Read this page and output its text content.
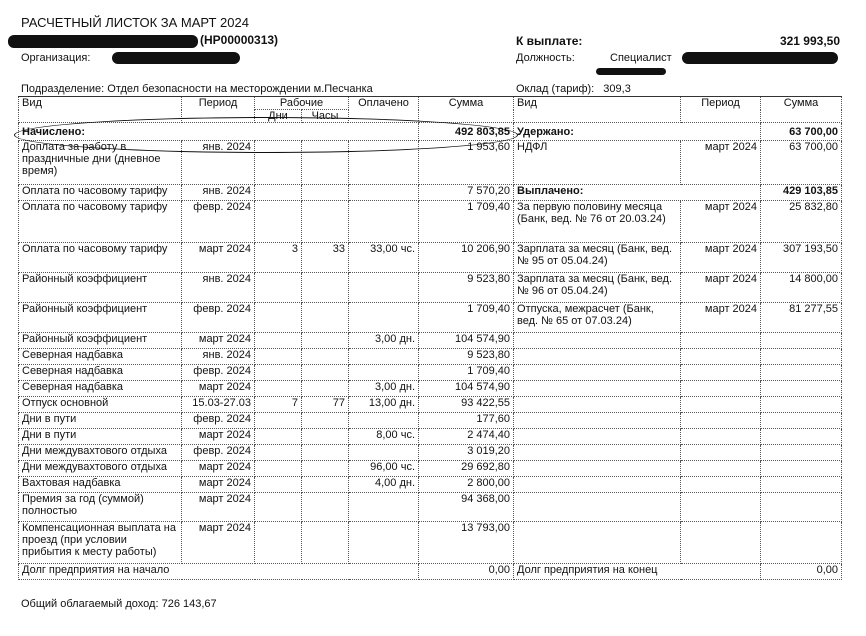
РАСЧЕТНЫЙ ЛИСТОК ЗА МАРТ 2024
(НР00000313)
Организация:
К выплате:	321 993,50
Должность:	Специалист
Подразделение: Отдел безопасности на месторождении м.Песчанка	Оклад (тариф): 309,3
Вид	Период	Рабочие		Оплачено	Сумма	Вид	Период	Сумма
		Дни	Часы					
Начислено:					492 803,85	Удержано:		63 700,00
Доплата за работу в праздничные дни (дневное время)	янв. 2024				1 953,60	НДФЛ	март 2024	63 700,00
Оплата по часовому тарифу	янв. 2024				7 570,20	Выплачено:		429 103,85
Оплата по часовому тарифу	февр. 2024				1 709,40	За первую половину месяца (Банк, вед. № 76 от 20.03.24)	март 2024	25 832,80
Оплата по часовому тарифу	март 2024	3	33	33,00 чс.	10 206,90	Зарплата за месяц (Банк, вед. № 95 от 05.04.24)	март 2024	307 193,50
Районный коэффициент	янв. 2024				9 523,80	Зарплата за месяц (Банк, вед. № 96 от 05.04.24)	март 2024	14 800,00
Районный коэффициент	февр. 2024				1 709,40	Отпуска, межрасчет (Банк, вед. № 65 от 07.03.24)	март 2024	81 277,55
Районный коэффициент	март 2024			3,00 дн.	104 574,90			
Северная надбавка	янв. 2024				9 523,80			
Северная надбавка	февр. 2024				1 709,40			
Северная надбавка	март 2024			3,00 дн.	104 574,90			
Отпуск основной	15.03-27.03	7	77	13,00 дн.	93 422,55			
Дни в пути	февр. 2024				177,60			
Дни в пути	март 2024			8,00 чс.	2 474,40			
Дни междувахтового отдыха	февр. 2024				3 019,20			
Дни междувахтового отдыха	март 2024			96,00 чс.	29 692,80			
Вахтовая надбавка	март 2024			4,00 дн.	2 800,00			
Премия за год (суммой) полностью	март 2024				94 368,00			
Компенсационная выплата на проезд (при условии прибытия к месту работы)	март 2024				13 793,00			
Долг предприятия на начало					0,00	Долг предприятия на конец		0,00
Общий облагаемый доход: 726 143,67
